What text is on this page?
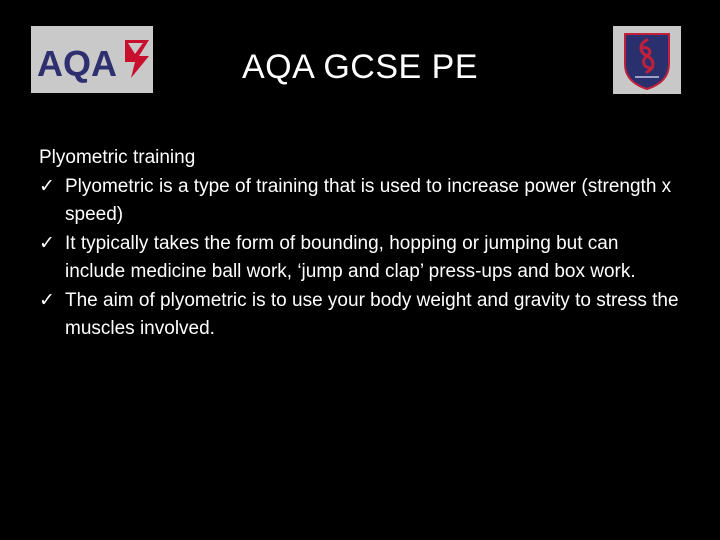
AQA	AQA GCSE PE

Plyometric training

✓ Plyometric is a type of training that is used to increase power (strength x speed)
✓ It typically takes the form of bounding, hopping or jumping but can include medicine ball work, ‘jump and clap’ press-ups and box work.
✓ The aim of plyometric is to use your body weight and gravity to stress the muscles involved.
